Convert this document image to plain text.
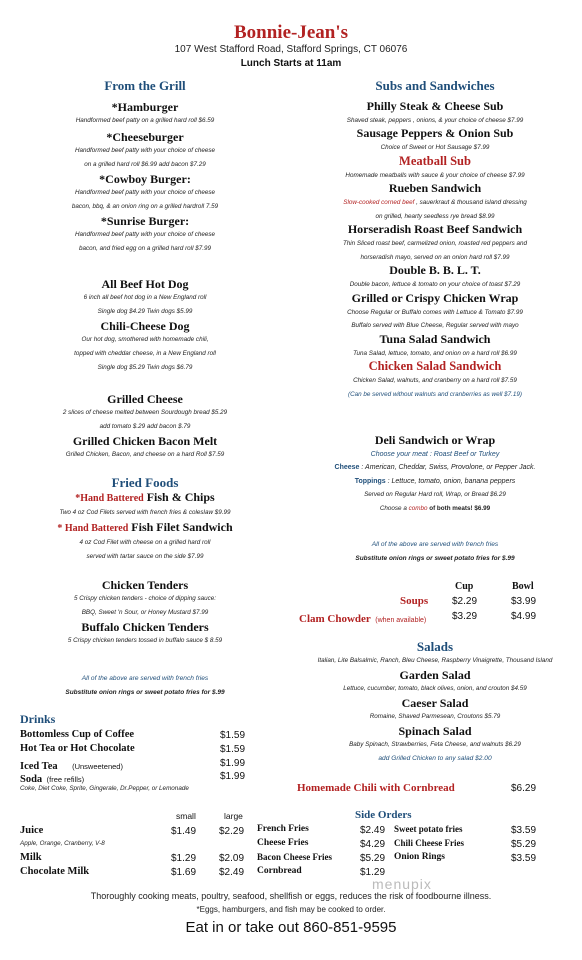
Bonnie-Jean's
107 West Stafford Road, Stafford Springs, CT 06076
Lunch Starts at 11am
From the Grill
*Hamburger
Handformed beef patty on a grilled hard roll $6.59
*Cheeseburger
Handformed beef patty with your choice of cheese
on a grilled hard roll $6.99 add bacon $7.29
*Cowboy Burger:
Handformed beef patty with your choice of cheese
bacon, bbq, & an onion ring on a grilled hardroll 7.59
*Sunrise Burger:
Handformed beef patty with your choice of cheese
bacon, and fried egg on a grilled hard roll $7.99
All Beef Hot Dog
6 inch all beef hot dog in a New England roll
Single dog $4.29 Twin dogs $5.99
Chili-Cheese Dog
Our hot dog, smothered with homemade chili,
topped with cheddar cheese, in a New England roll
Single dog $5.29 Twin dogs $6.79
Grilled Cheese
2 slices of cheese melted between Sourdough bread $5.29
add tomato $.29 add bacon $.79
Grilled Chicken Bacon Melt
Grilled Chicken, Bacon, and cheese on a hard Roll $7.59
Fried Foods
*Hand Battered Fish & Chips
Two 4 oz Cod Filets served with french fries & coleslaw $9.99
* Hand Battered Fish Filet Sandwich
4 oz Cod Filet with cheese on a grilled hard roll
served with tartar sauce on the side $7.99
Chicken Tenders
5 Crispy chicken tenders - choice of dipping sauce:
BBQ, Sweet 'n Sour, or Honey Mustard $7.99
Buffalo Chicken Tenders
5 Crispy chicken tenders tossed in buffalo sauce $ 8.59
All of the above are served with french fries
Substitute onion rings or sweet potato fries for $.99
Subs and Sandwiches
Philly Steak & Cheese Sub
Shaved steak, peppers , onions, & your choice of cheese $7.99
Sausage Peppers & Onion Sub
Choice of Sweet or Hot Sausage $7.99
Meatball Sub
Homemade meatballs with sauce & your choice of cheese $7.99
Rueben Sandwich
Slow-cooked corned beef , sauerkraut & thousand island dressing
on grilled, hearty seedless rye bread $8.99
Horseradish Roast Beef Sandwich
Thin Sliced roast beef, carmelized onion, roasted red peppers and
horseradish mayo, served on an onion hard roll $7.99
Double B. B. L. T.
Double bacon, lettuce & tomato on your choice of toast $7.29
Grilled or Crispy Chicken Wrap
Choose Regular or Buffalo comes with Lettuce & Tomato $7.99
Buffalo served with Blue Cheese, Regular served with mayo
Tuna Salad Sandwich
Tuna Salad, lettuce, tomato, and onion on a hard roll $6.99
Chicken Salad Sandwich
Chicken Salad, walnuts, and cranberry on a hard roll $7.59
(Can be served without walnuts and cranberries as well $7.19)
Deli Sandwich or Wrap
Choose your meat : Roast Beef or Turkey
Cheese : American, Cheddar, Swiss, Provolone, or Pepper Jack.
Toppings : Lettuce, tomato, onion, banana peppers
Served on Regular Hard roll, Wrap, or Bread $6.29
Choose a combo of both meats! $6.99
All of the above are served with french fries
Substitute onion rings or sweet potato fries for $.99
Cup	Bowl
Soups $2.29	$3.99
Clam Chowder (when available)	$3.29	$4.99
Salads
Italian, Lite Balsalmic, Ranch, Bleu Cheese, Raspberry Vinaigrette, Thousand Island
Garden Salad
Lettuce, cucumber, tomato, black olives, onion, and crouton $4.59
Caeser Salad
Romaine, Shaved Parmesean, Croutons $5.79
Spinach Salad
Baby Spinach, Strawberries, Feta Cheese, and walnuts $6.29
add Grilled Chicken to any salad $2.00
Homemade Chili with Cornbread	$6.29
Drinks
Bottomless Cup of Coffee	$1.59
Hot Tea or Hot Chocolate	$1.59
Iced Tea (Unsweetened)	$1.99
Soda (free refills)	$1.99
Coke, Diet Coke, Sprite, Gingerale, Dr.Pepper, or Lemonade
small	large
Juice	$1.49 $2.29
Apple, Orange, Cranberry, V-8
Milk	$1.29 $2.09
Chocolate Milk	$1.69 $2.49
Side Orders
French Fries	$2.49
Cheese Fries	$4.29
Bacon Cheese Fries	$5.29
Cornbread	$1.29
Sweet potato fries	$3.59
Chili Cheese Fries	$5.29
Onion Rings	$3.59
menupix
Thoroughly cooking meats, poultry, seafood, shellfish or eggs, reduces the risk of foodbourne illness.
*Eggs, hamburgers, and fish may be cooked to order.
Eat in or take out 860-851-9595
